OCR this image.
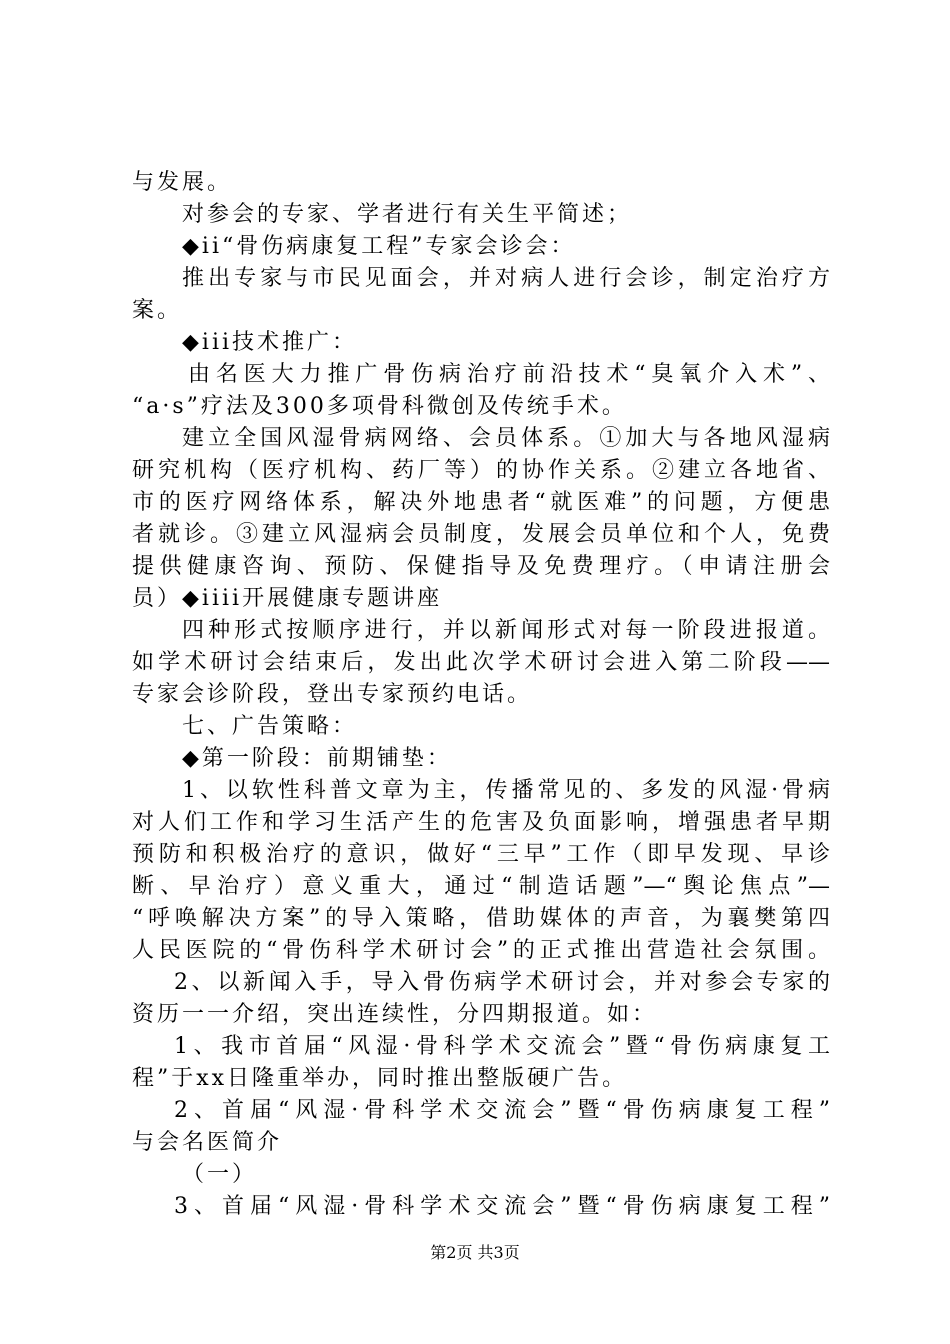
与发展。
对参会的专家、学者进行有关生平简述；
◆ii“骨伤病康复工程”专家会诊会：
推出专家与市民见面会，并对病人进行会诊，制定治疗方
案。
◆iii技术推广：
由名医大力推广骨伤病治疗前沿技术“臭氧介入术”、
“a·s”疗法及300多项骨科微创及传统手术。
建立全国风湿骨病网络、会员体系。①加大与各地风湿病
研究机构（医疗机构、药厂等）的协作关系。②建立各地省、
市的医疗网络体系，解决外地患者“就医难”的问题，方便患
者就诊。③建立风湿病会员制度，发展会员单位和个人，免费
提供健康咨询、预防、保健指导及免费理疗。（申请注册会
员）◆iiii开展健康专题讲座
四种形式按顺序进行，并以新闻形式对每一阶段进报道。
如学术研讨会结束后，发出此次学术研讨会进入第二阶段——
专家会诊阶段，登出专家预约电话。
七、广告策略：
◆第一阶段：前期铺垫：
1、以软性科普文章为主，传播常见的、多发的风湿·骨病
对人们工作和学习生活产生的危害及负面影响，增强患者早期
预防和积极治疗的意识，做好“三早”工作（即早发现、早诊
断、早治疗）意义重大，通过“制造话题”—“舆论焦点”—
“呼唤解决方案”的导入策略，借助媒体的声音，为襄樊第四
人民医院的“骨伤科学术研讨会”的正式推出营造社会氛围。
2、以新闻入手，导入骨伤病学术研讨会，并对参会专家的
资历一一介绍，突出连续性，分四期报道。如：
1、我市首届“风湿·骨科学术交流会”暨“骨伤病康复工
程”于xx日隆重举办，同时推出整版硬广告。
2、首届“风湿·骨科学术交流会”暨“骨伤病康复工程”
与会名医简介
（一）
3、首届“风湿·骨科学术交流会”暨“骨伤病康复工程”
第2页 共3页
